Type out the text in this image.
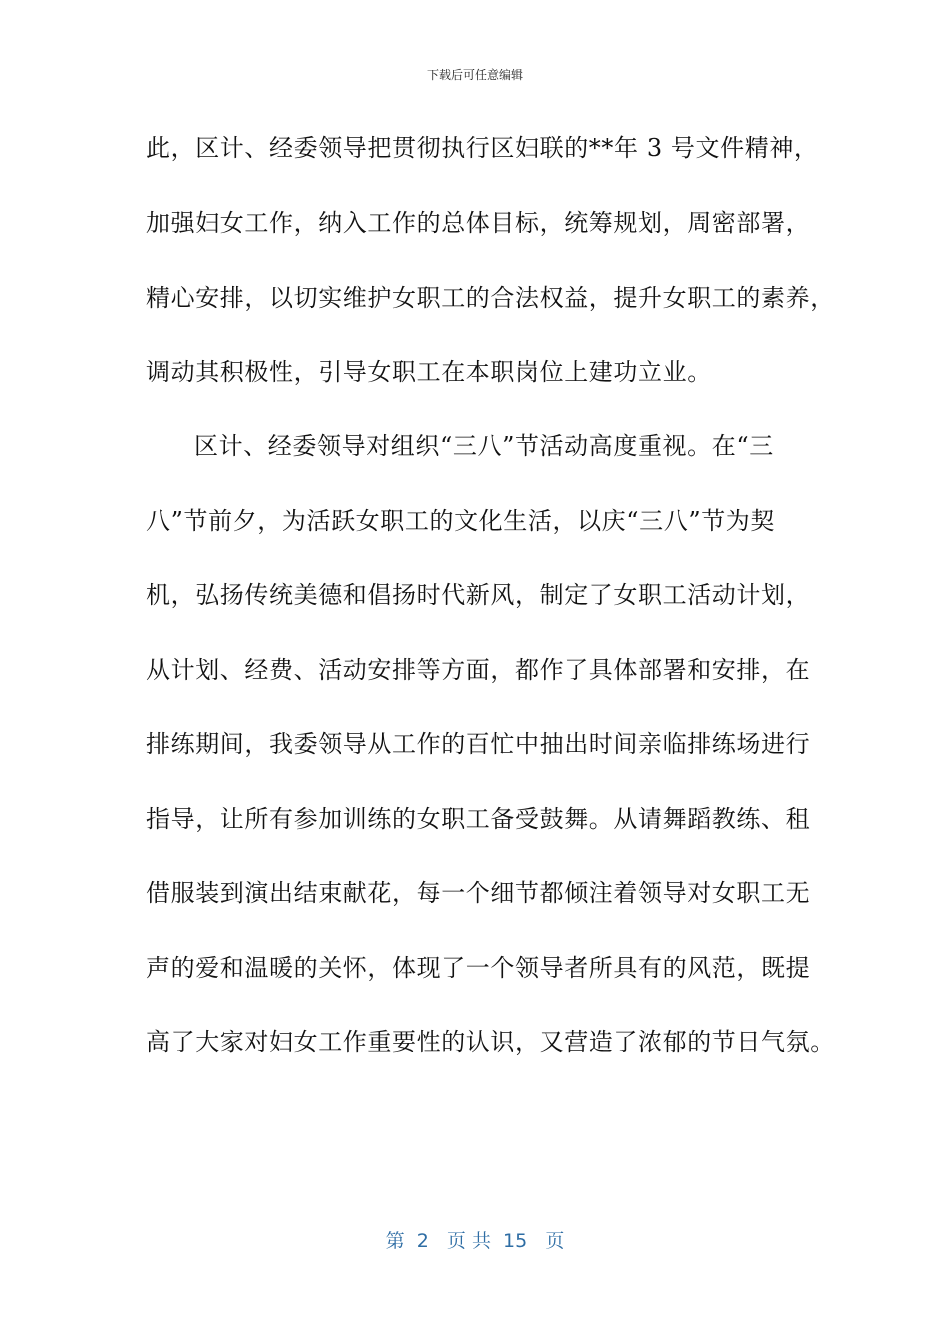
下载后可任意编辑
此，区计、经委领导把贯彻执行区妇联的**年 3 号文件精神，
加强妇女工作，纳入工作的总体目标，统筹规划，周密部署，
精心安排，以切实维护女职工的合法权益，提升女职工的素养，
调动其积极性，引导女职工在本职岗位上建功立业。
区计、经委领导对组织“三八”节活动高度重视。在“三
八”节前夕，为活跃女职工的文化生活，以庆“三八”节为契
机，弘扬传统美德和倡扬时代新风，制定了女职工活动计划，
从计划、经费、活动安排等方面，都作了具体部署和安排，在
排练期间，我委领导从工作的百忙中抽出时间亲临排练场进行
指导，让所有参加训练的女职工备受鼓舞。从请舞蹈教练、租
借服装到演出结束献花，每一个细节都倾注着领导对女职工无
声的爱和温暖的关怀，体现了一个领导者所具有的风范，既提
高了大家对妇女工作重要性的认识，又营造了浓郁的节日气氛。
第  2   页 共  15   页
